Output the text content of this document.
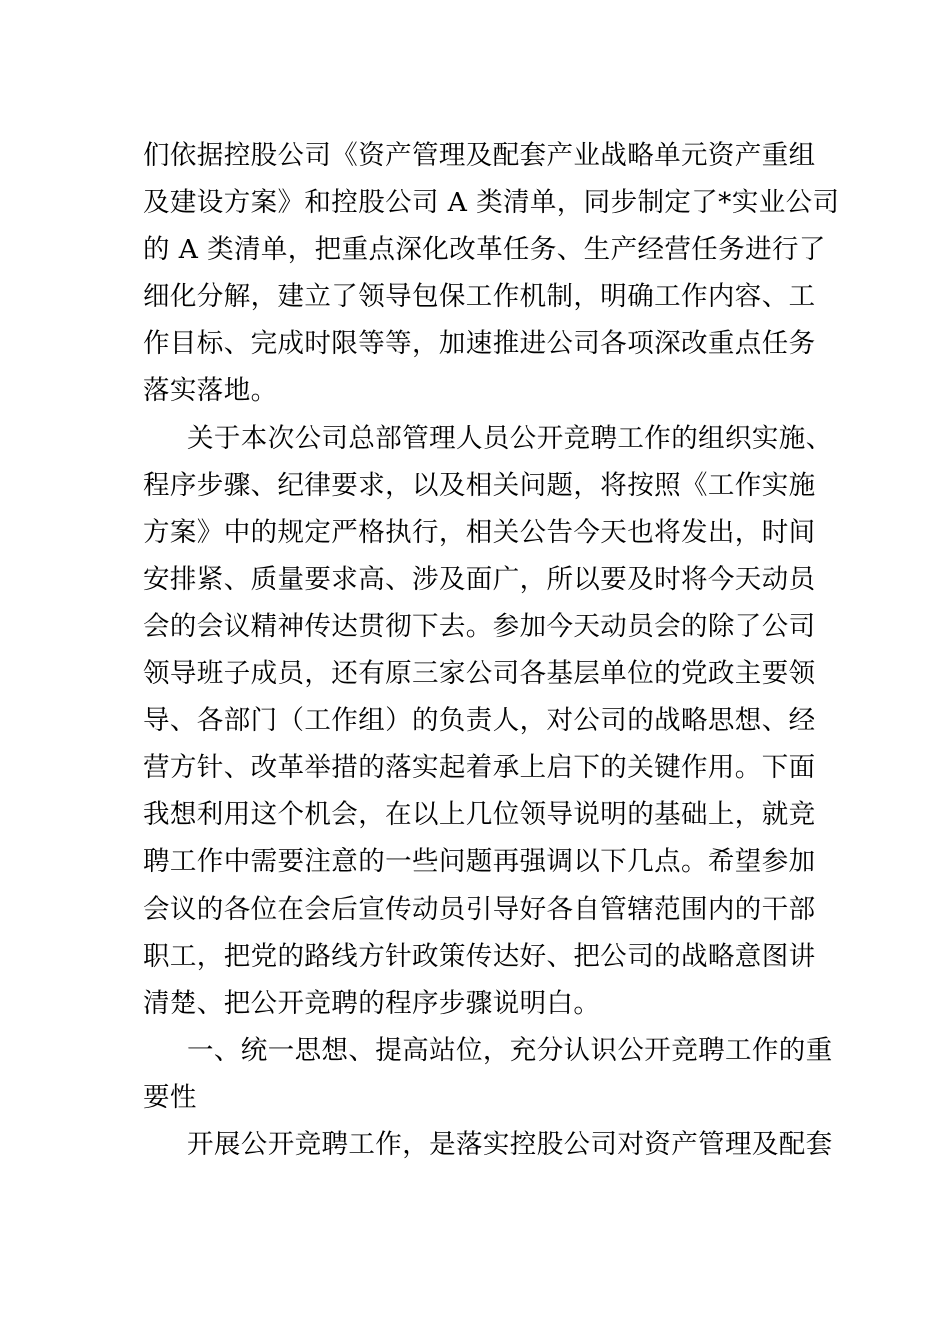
们依据控股公司《资产管理及配套产业战略单元资产重组
及建设方案》和控股公司 A 类清单，同步制定了*实业公司
的 A 类清单，把重点深化改革任务、生产经营任务进行了
细化分解，建立了领导包保工作机制，明确工作内容、工
作目标、完成时限等等，加速推进公司各项深改重点任务
落实落地。
关于本次公司总部管理人员公开竞聘工作的组织实施、
程序步骤、纪律要求，以及相关问题，将按照《工作实施
方案》中的规定严格执行，相关公告今天也将发出，时间
安排紧、质量要求高、涉及面广，所以要及时将今天动员
会的会议精神传达贯彻下去。参加今天动员会的除了公司
领导班子成员，还有原三家公司各基层单位的党政主要领
导、各部门（工作组）的负责人，对公司的战略思想、经
营方针、改革举措的落实起着承上启下的关键作用。下面
我想利用这个机会，在以上几位领导说明的基础上，就竞
聘工作中需要注意的一些问题再强调以下几点。希望参加
会议的各位在会后宣传动员引导好各自管辖范围内的干部
职工，把党的路线方针政策传达好、把公司的战略意图讲
清楚、把公开竞聘的程序步骤说明白。
一、统一思想、提高站位，充分认识公开竞聘工作的重
要性
开展公开竞聘工作，是落实控股公司对资产管理及配套
